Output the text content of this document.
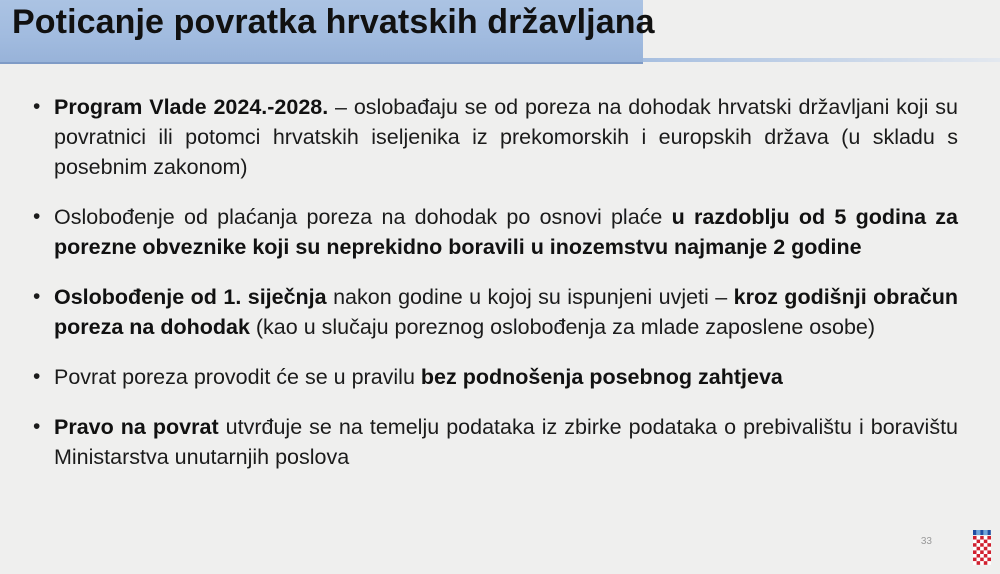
Poticanje povratka hrvatskih državljana
• Program Vlade 2024.-2028. – oslobađaju se od poreza na dohodak hrvatski državljani koji su povratnici ili potomci hrvatskih iseljenika iz prekomorskih i europskih država (u skladu s posebnim zakonom)
• Oslobođenje od plaćanja poreza na dohodak po osnovi plaće u razdoblju od 5 godina za porezne obveznike koji su neprekidno boravili u inozemstvu najmanje 2 godine
• Oslobođenje od 1. siječnja nakon godine u kojoj su ispunjeni uvjeti – kroz godišnji obračun poreza na dohodak (kao u slučaju poreznog oslobođenja za mlade zaposlene osobe)
• Povrat poreza provodit će se u pravilu bez podnošenja posebnog zahtjeva
• Pravo na povrat utvrđuje se na temelju podataka iz zbirke podataka o prebivalištu i boravištu Ministarstva unutarnjih poslova
33
